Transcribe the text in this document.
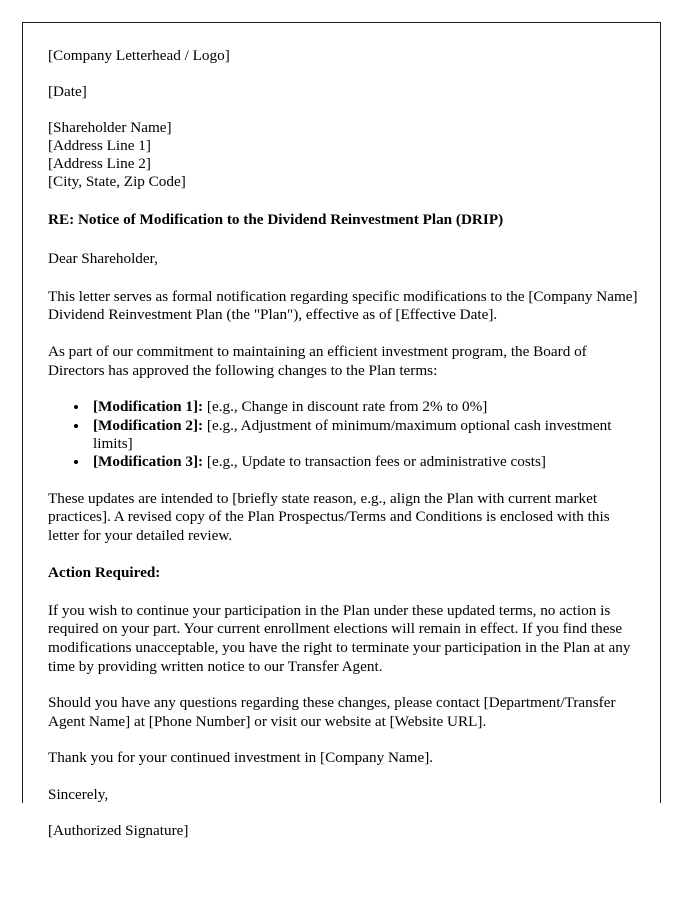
[Company Letterhead / Logo]
[Date]
[Shareholder Name]
[Address Line 1]
[Address Line 2]
[City, State, Zip Code]
RE: Notice of Modification to the Dividend Reinvestment Plan (DRIP)
Dear Shareholder,

This letter serves as formal notification regarding specific modifications to the [Company Name] Dividend Reinvestment Plan (the "Plan"), effective as of [Effective Date].

As part of our commitment to maintaining an efficient investment program, the Board of Directors has approved the following changes to the Plan terms:

• [Modification 1]: [e.g., Change in discount rate from 2% to 0%]
• [Modification 2]: [e.g., Adjustment of minimum/maximum optional cash investment limits]
• [Modification 3]: [e.g., Update to transaction fees or administrative costs]

These updates are intended to [briefly state reason, e.g., align the Plan with current market practices]. A revised copy of the Plan Prospectus/Terms and Conditions is enclosed with this letter for your detailed review.

Action Required:

If you wish to continue your participation in the Plan under these updated terms, no action is required on your part. Your current enrollment elections will remain in effect. If you find these modifications unacceptable, you have the right to terminate your participation in the Plan at any time by providing written notice to our Transfer Agent.

Should you have any questions regarding these changes, please contact [Department/Transfer Agent Name] at [Phone Number] or visit our website at [Website URL].

Thank you for your continued investment in [Company Name].

Sincerely,
[Authorized Signature]
